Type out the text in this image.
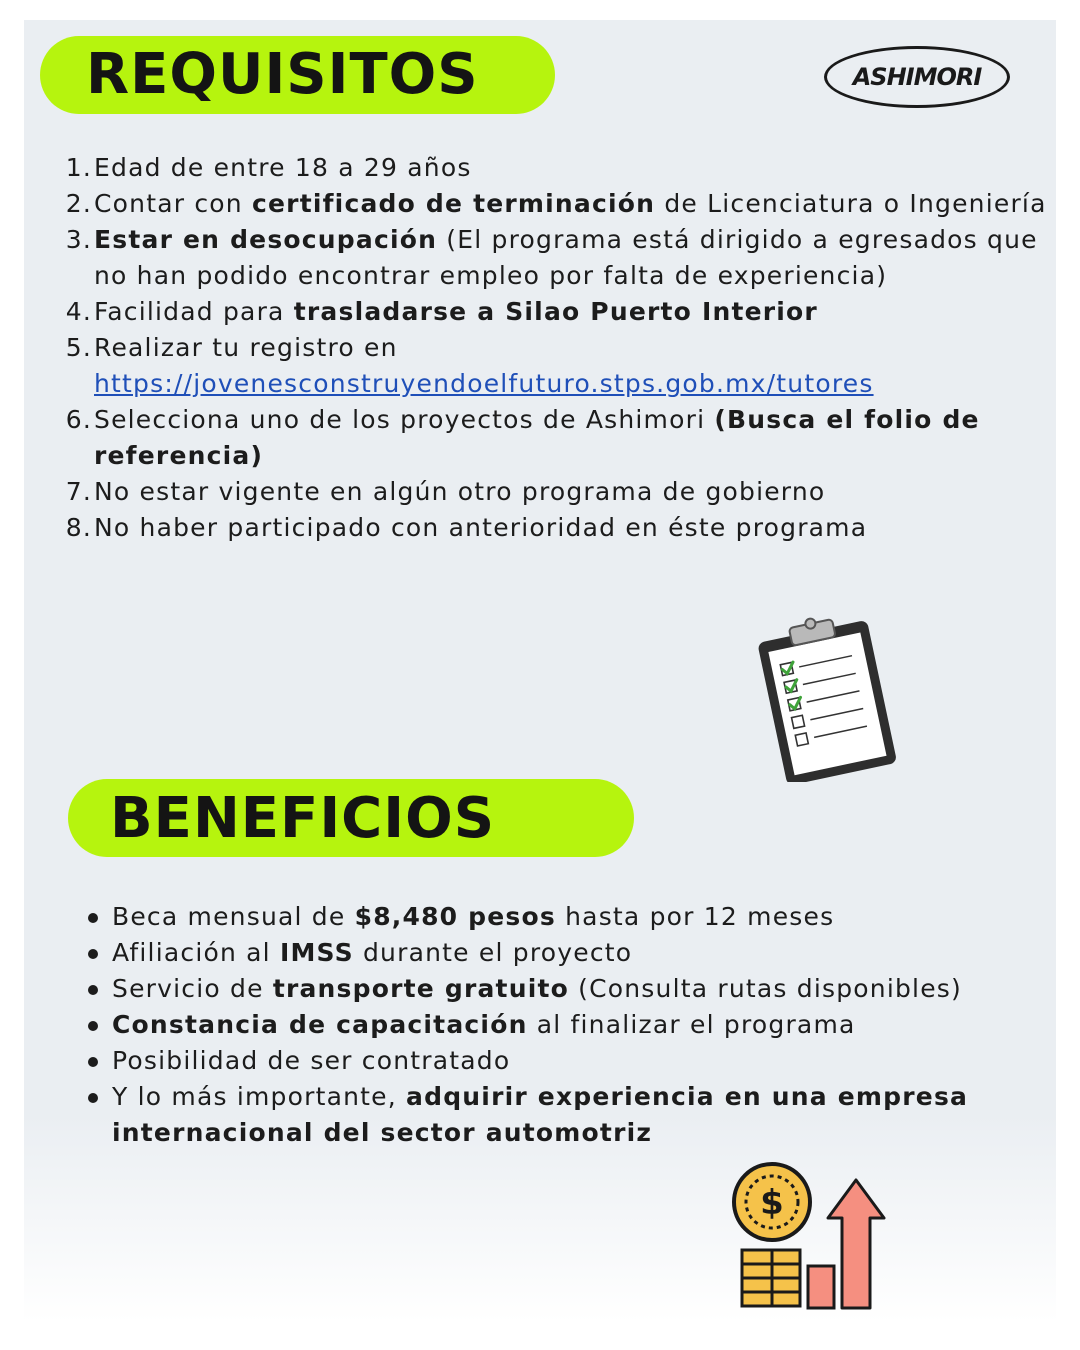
REQUISITOS	ASHIMORI
1. Edad de entre 18 a 29 años
2. Contar con certificado de terminación de Licenciatura o Ingeniería
3. Estar en desocupación (El programa está dirigido a egresados que no han podido encontrar empleo por falta de experiencia)
4. Facilidad para trasladarse a Silao Puerto Interior
5. Realizar tu registro en https://jovenesconstruyendoelfuturo.stps.gob.mx/tutores
6. Selecciona uno de los proyectos de Ashimori (Busca el folio de referencia)
7. No estar vigente en algún otro programa de gobierno
8. No haber participado con anterioridad en éste programa
BENEFICIOS
Beca mensual de $8,480 pesos hasta por 12 meses
Afiliación al IMSS durante el proyecto
Servicio de transporte gratuito (Consulta rutas disponibles)
Constancia de capacitación al finalizar el programa
Posibilidad de ser contratado
Y lo más importante, adquirir experiencia en una empresa internacional del sector automotriz
$
